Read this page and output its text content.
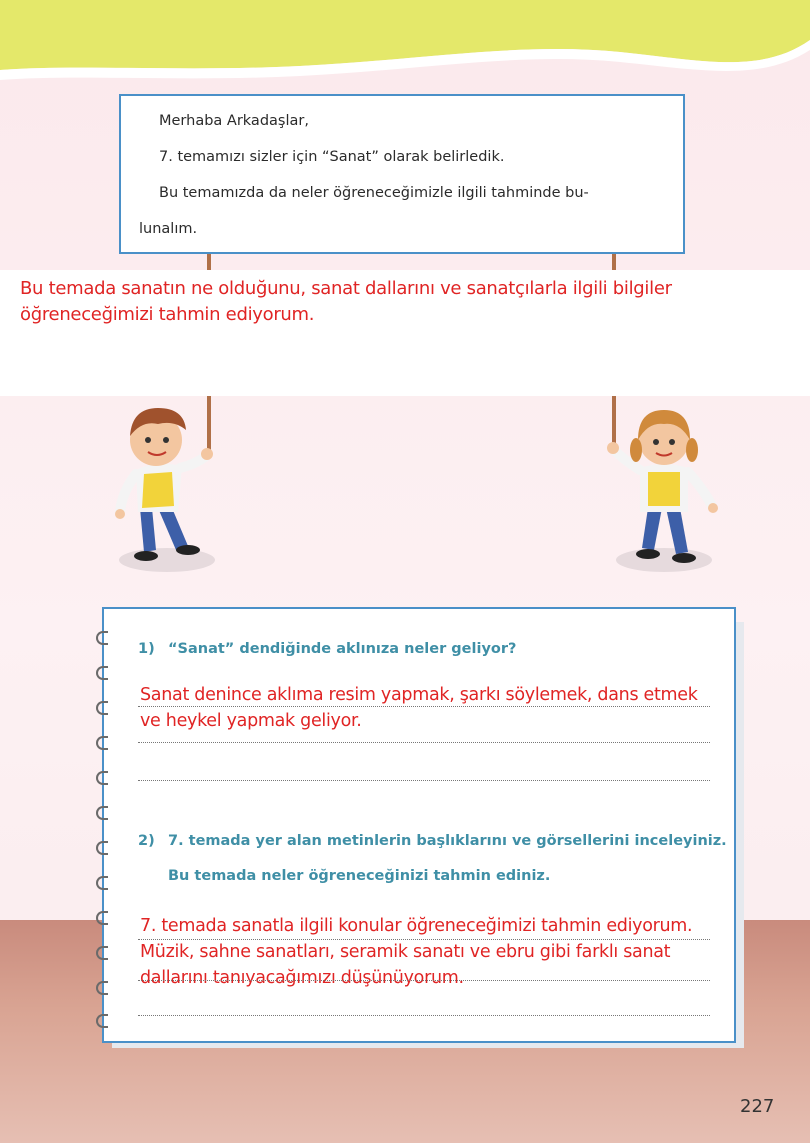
Merhaba Arkadaşlar,

7. temamızı sizler için “Sanat” olarak belirledik.

Bu temamızda da neler öğreneceğimizle ilgili tahminde bu-
lunalım.

Bu temada sanatın ne olduğunu, sanat dallarını ve sanatçılarla ilgili bilgiler
öğreneceğimizi tahmin ediyorum.
1) “Sanat” dendiğinde aklınıza neler geliyor?
Sanat denince aklıma resim yapmak, şarkı söylemek, dans etmek
ve heykel yapmak geliyor.
2) 7. temada yer alan metinlerin başlıklarını ve görsellerini inceleyiniz.
Bu temada neler öğreneceğinizi tahmin ediniz.
7. temada sanatla ilgili konular öğreneceğimizi tahmin ediyorum.
Müzik, sahne sanatları, seramik sanatı ve ebru gibi farklı sanat
dallarını tanıyacağımızı düşünüyorum.
227
